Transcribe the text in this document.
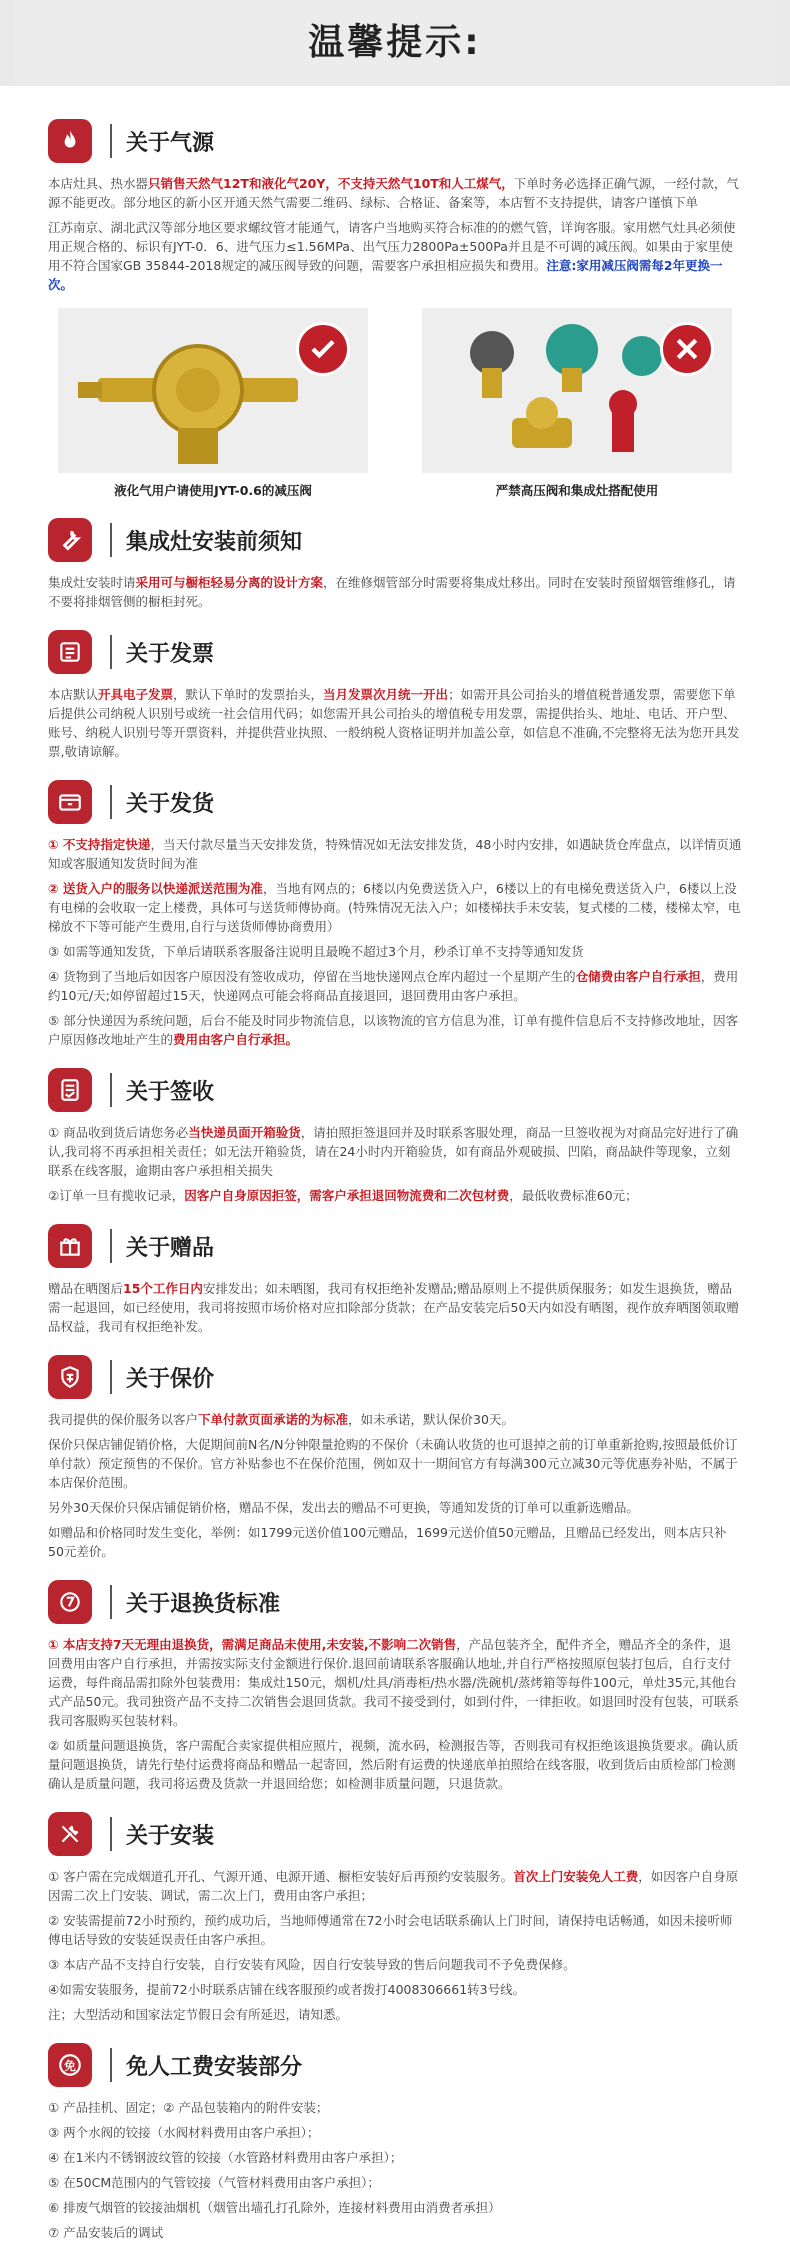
温馨提示:
关于气源

本店灶具、热水器只销售天然气12T和液化气20Y，不支持天然气10T和人工煤气，下单时务必选择正确气源，一经付款，气源不能更改。部分地区的新小区开通天然气需要二维码、绿标、合格证、备案等，本店暂不支持提供，请客户谨慎下单

江苏南京、湖北武汉等部分地区要求螺纹管才能通气，请客户当地购买符合标准的的燃气管，详询客服。家用燃气灶具必须使用正规合格的、标识有JYT-0．6、进气压力≤1.56MPa、出气压力2800Pa±500Pa并且是不可调的减压阀。如果由于家里使用不符合国家GB 35844-2018规定的减压阀导致的问题，需要客户承担相应损失和费用。注意:家用减压阀需每2年更换一次。

液化气用户请使用JYT-0.6的减压阀	严禁高压阀和集成灶搭配使用
集成灶安装前须知

集成灶安装时请采用可与橱柜轻易分离的设计方案，在维修烟管部分时需要将集成灶移出。同时在安装时预留烟管维修孔，请不要将排烟管侧的橱柜封死。

关于发票

本店默认开具电子发票，默认下单时的发票抬头，当月发票次月统一开出；如需开具公司抬头的增值税普通发票，需要您下单后提供公司纳税人识别号或统一社会信用代码；如您需开具公司抬头的增值税专用发票，需提供抬头、地址、电话、开户型、账号、纳税人识别号等开票资料，并提供营业执照、一般纳税人资格证明并加盖公章，如信息不准确,不完整将无法为您开具发票,敬请谅解。

关于发货

① 不支持指定快递，当天付款尽量当天安排发货，特殊情况如无法安排发货，48小时内安排，如遇缺货仓库盘点，以详情页通知或客服通知发货时间为准

② 送货入户的服务以快递派送范围为准，当地有网点的；6楼以内免费送货入户，6楼以上的有电梯免费送货入户，6楼以上没有电梯的会收取一定上楼费，具体可与送货师傅协商。(特殊情况无法入户；如楼梯扶手未安装，复式楼的二楼，楼梯太窄，电梯放不下等可能产生费用,自行与送货师傅协商费用）

③ 如需等通知发货，下单后请联系客服备注说明且最晚不超过3个月，秒杀订单不支持等通知发货

④ 货物到了当地后如因客户原因没有签收成功，停留在当地快递网点仓库内超过一个星期产生的仓储费由客户自行承担，费用约10元/天;如停留超过15天，快递网点可能会将商品直接退回，退回费用由客户承担。

⑤ 部分快递因为系统问题，后台不能及时同步物流信息，以该物流的官方信息为准，订单有揽件信息后不支持修改地址，因客户原因修改地址产生的费用由客户自行承担。

关于签收

① 商品收到货后请您务必当快递员面开箱验货，请拍照拒签退回并及时联系客服处理，商品一旦签收视为对商品完好进行了确认,我司将不再承担相关责任；如无法开箱验货，请在24小时内开箱验货，如有商品外观破损、凹陷，商品缺件等现象，立刻联系在线客服，逾期由客户承担相关损失

②订单一旦有揽收记录，因客户自身原因拒签，需客户承担退回物流费和二次包材费，最低收费标准60元；

关于赠品

赠品在晒图后15个工作日内安排发出；如未晒图，我司有权拒绝补发赠品;赠品原则上不提供质保服务；如发生退换货，赠品需一起退回，如已经使用，我司将按照市场价格对应扣除部分货款；在产品安装完后50天内如没有晒图，视作放弃晒图领取赠品权益，我司有权拒绝补发。

关于保价

我司提供的保价服务以客户下单付款页面承诺的为标准，如未承诺，默认保价30天。

保价只保店铺促销价格，大促期间前N名/N分钟限量抢购的不保价（未确认收货的也可退掉之前的订单重新抢购,按照最低价订单付款）预定预售的不保价。官方补贴参也不在保价范围，例如双十一期间官方有每满300元立减30元等优惠券补贴，不属于本店保价范围。

另外30天保价只保店铺促销价格，赠品不保，发出去的赠品不可更换，等通知发货的订单可以重新选赠品。

如赠品和价格同时发生变化，举例：如1799元送价值100元赠品，1699元送价值50元赠品，且赠品已经发出，则本店只补50元差价。

关于退换货标准

① 本店支持7天无理由退换货，需满足商品未使用,未安装,不影响二次销售，产品包装齐全，配件齐全，赠品齐全的条件，退回费用由客户自行承担，并需按实际支付金额进行保价.退回前请联系客服确认地址,并自行严格按照原包装打包后，自行支付运费，每件商品需扣除外包装费用：集成灶150元，烟机/灶具/消毒柜/热水器/洗碗机/蒸烤箱等每件100元，单灶35元,其他台式产品50元。我司独资产品不支持二次销售会退回货款。我司不接受到付，如到付件，一律拒收。如退回时没有包装，可联系我司客服购买包装材料。

② 如质量问题退换货，客户需配合卖家提供相应照片，视频，流水码，检测报告等，否则我司有权拒绝该退换货要求。确认质量问题退换货，请先行垫付运费将商品和赠品一起寄回，然后附有运费的快递底单拍照给在线客服，收到货后由质检部门检测确认是质量问题，我司将运费及货款一并退回给您；如检测非质量问题，只退货款。

关于安装

① 客户需在完成烟道孔开孔、气源开通、电源开通、橱柜安装好后再预约安装服务。首次上门安装免人工费，如因客户自身原因需二次上门安装、调试，需二次上门，费用由客户承担；

② 安装需提前72小时预约，预约成功后，当地师傅通常在72小时会电话联系确认上门时间，请保持电话畅通，如因未接听师傅电话导致的安装延误责任由客户承担。

③ 本店产品不支持自行安装，自行安装有风险，因自行安装导致的售后问题我司不予免费保修。

④如需安装服务，提前72小时联系店铺在线客服预约或者拨打4008306661转3号线。

注；大型活动和国家法定节假日会有所延迟，请知悉。

免 免人工费安装部分

① 产品挂机、固定；② 产品包装箱内的附件安装；

③ 两个水阀的铰接（水阀材料费用由客户承担）；

④ 在1米内不锈钢波纹管的铰接（水管路材料费用由客户承担）；

⑤ 在50CM范围内的气管铰接（气管材料费用由客户承担）；

⑥ 排废气烟管的铰接油烟机（烟管出墙孔打孔除外，连接材料费用由消费者承担）

⑦ 产品安装后的调试
